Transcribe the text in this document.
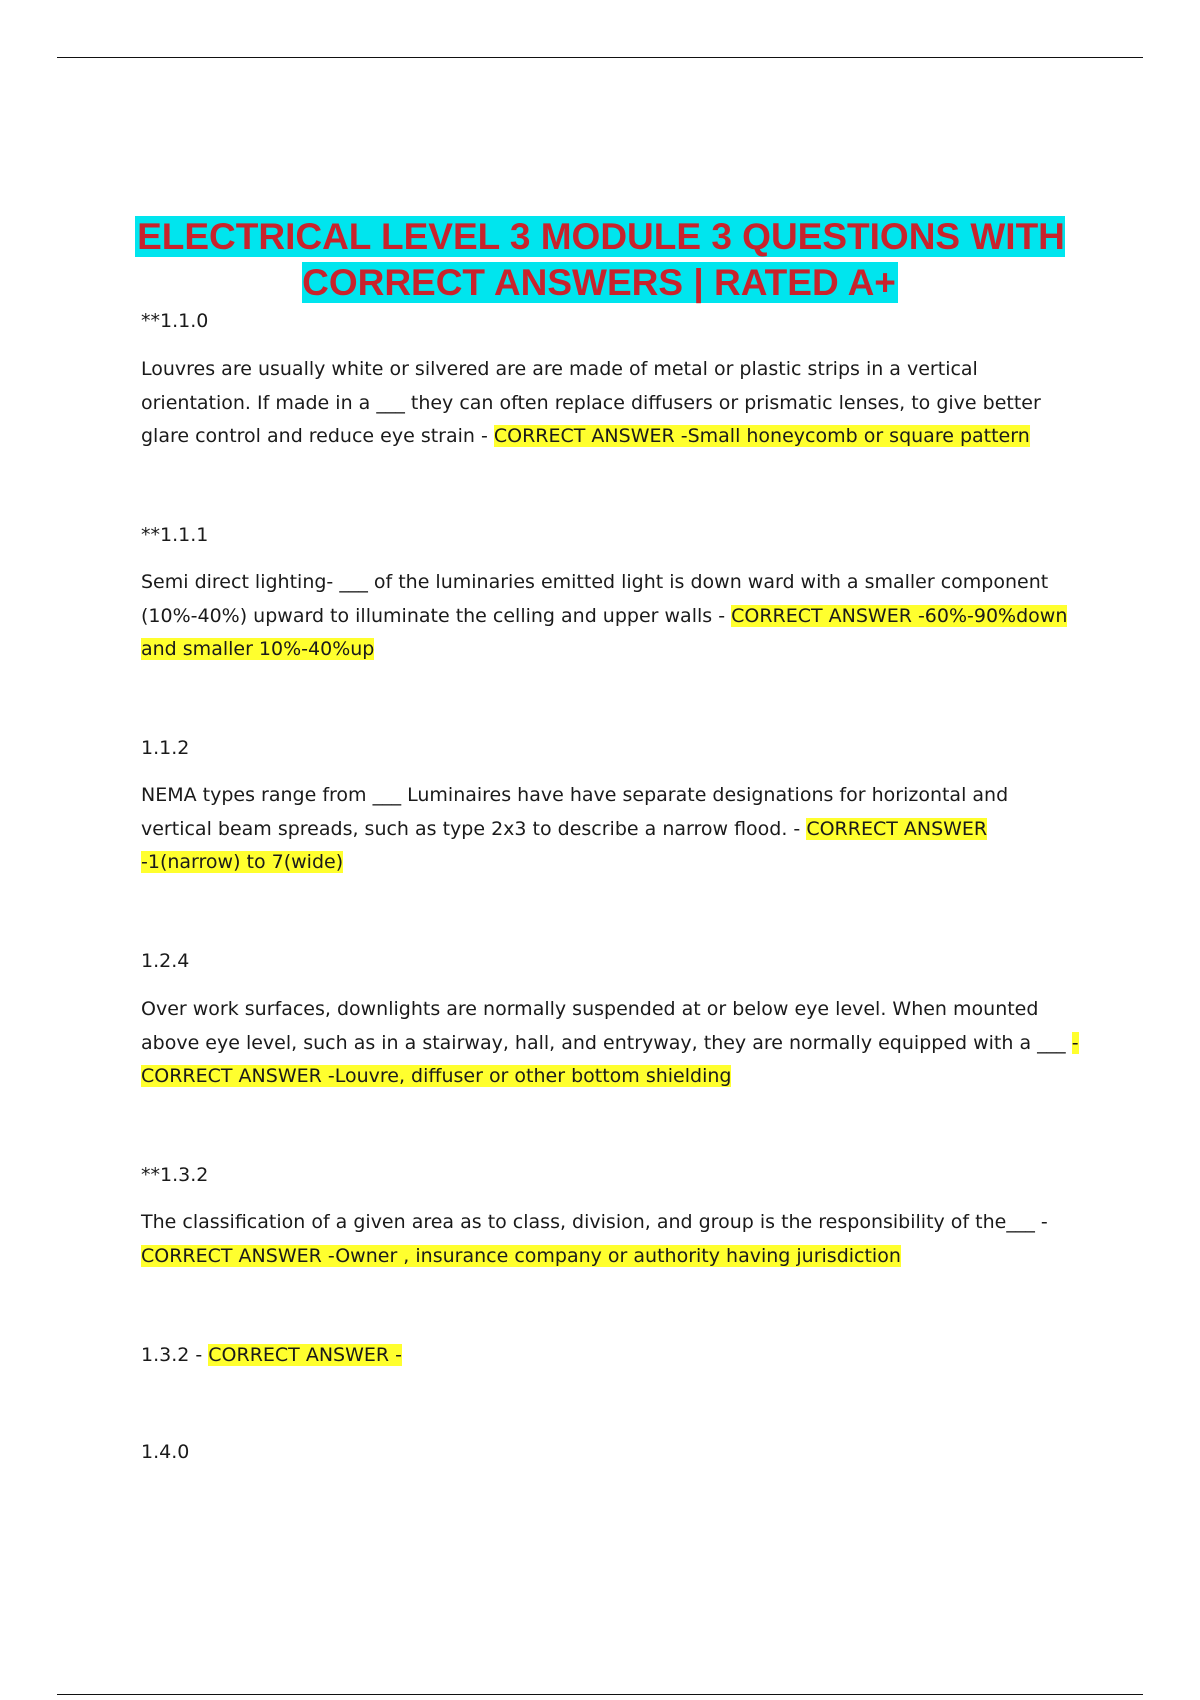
ELECTRICAL LEVEL 3 MODULE 3 QUESTIONS WITH CORRECT ANSWERS | RATED A+
**1.1.0
Louvres are usually white or silvered are are made of metal or plastic strips in a vertical orientation. If made in a ___ they can often replace diffusers or prismatic lenses, to give better glare control and reduce eye strain - CORRECT ANSWER -Small honeycomb or square pattern
**1.1.1
Semi direct lighting- ___ of the luminaries emitted light is down ward with a smaller component (10%-40%) upward to illuminate the celling and upper walls - CORRECT ANSWER -60%-90%down and smaller 10%-40%up
1.1.2
NEMA types range from ___ Luminaires have have separate designations for horizontal and vertical beam spreads, such as type 2x3 to describe a narrow flood. - CORRECT ANSWER -1(narrow) to 7(wide)
1.2.4
Over work surfaces, downlights are normally suspended at or below eye level. When mounted above eye level, such as in a stairway, hall, and entryway, they are normally equipped with a ___ - CORRECT ANSWER -Louvre, diffuser or other bottom shielding
**1.3.2
The classification of a given area as to class, division, and group is the responsibility of the___ - CORRECT ANSWER -Owner , insurance company or authority having jurisdiction
1.3.2 - CORRECT ANSWER -
1.4.0
